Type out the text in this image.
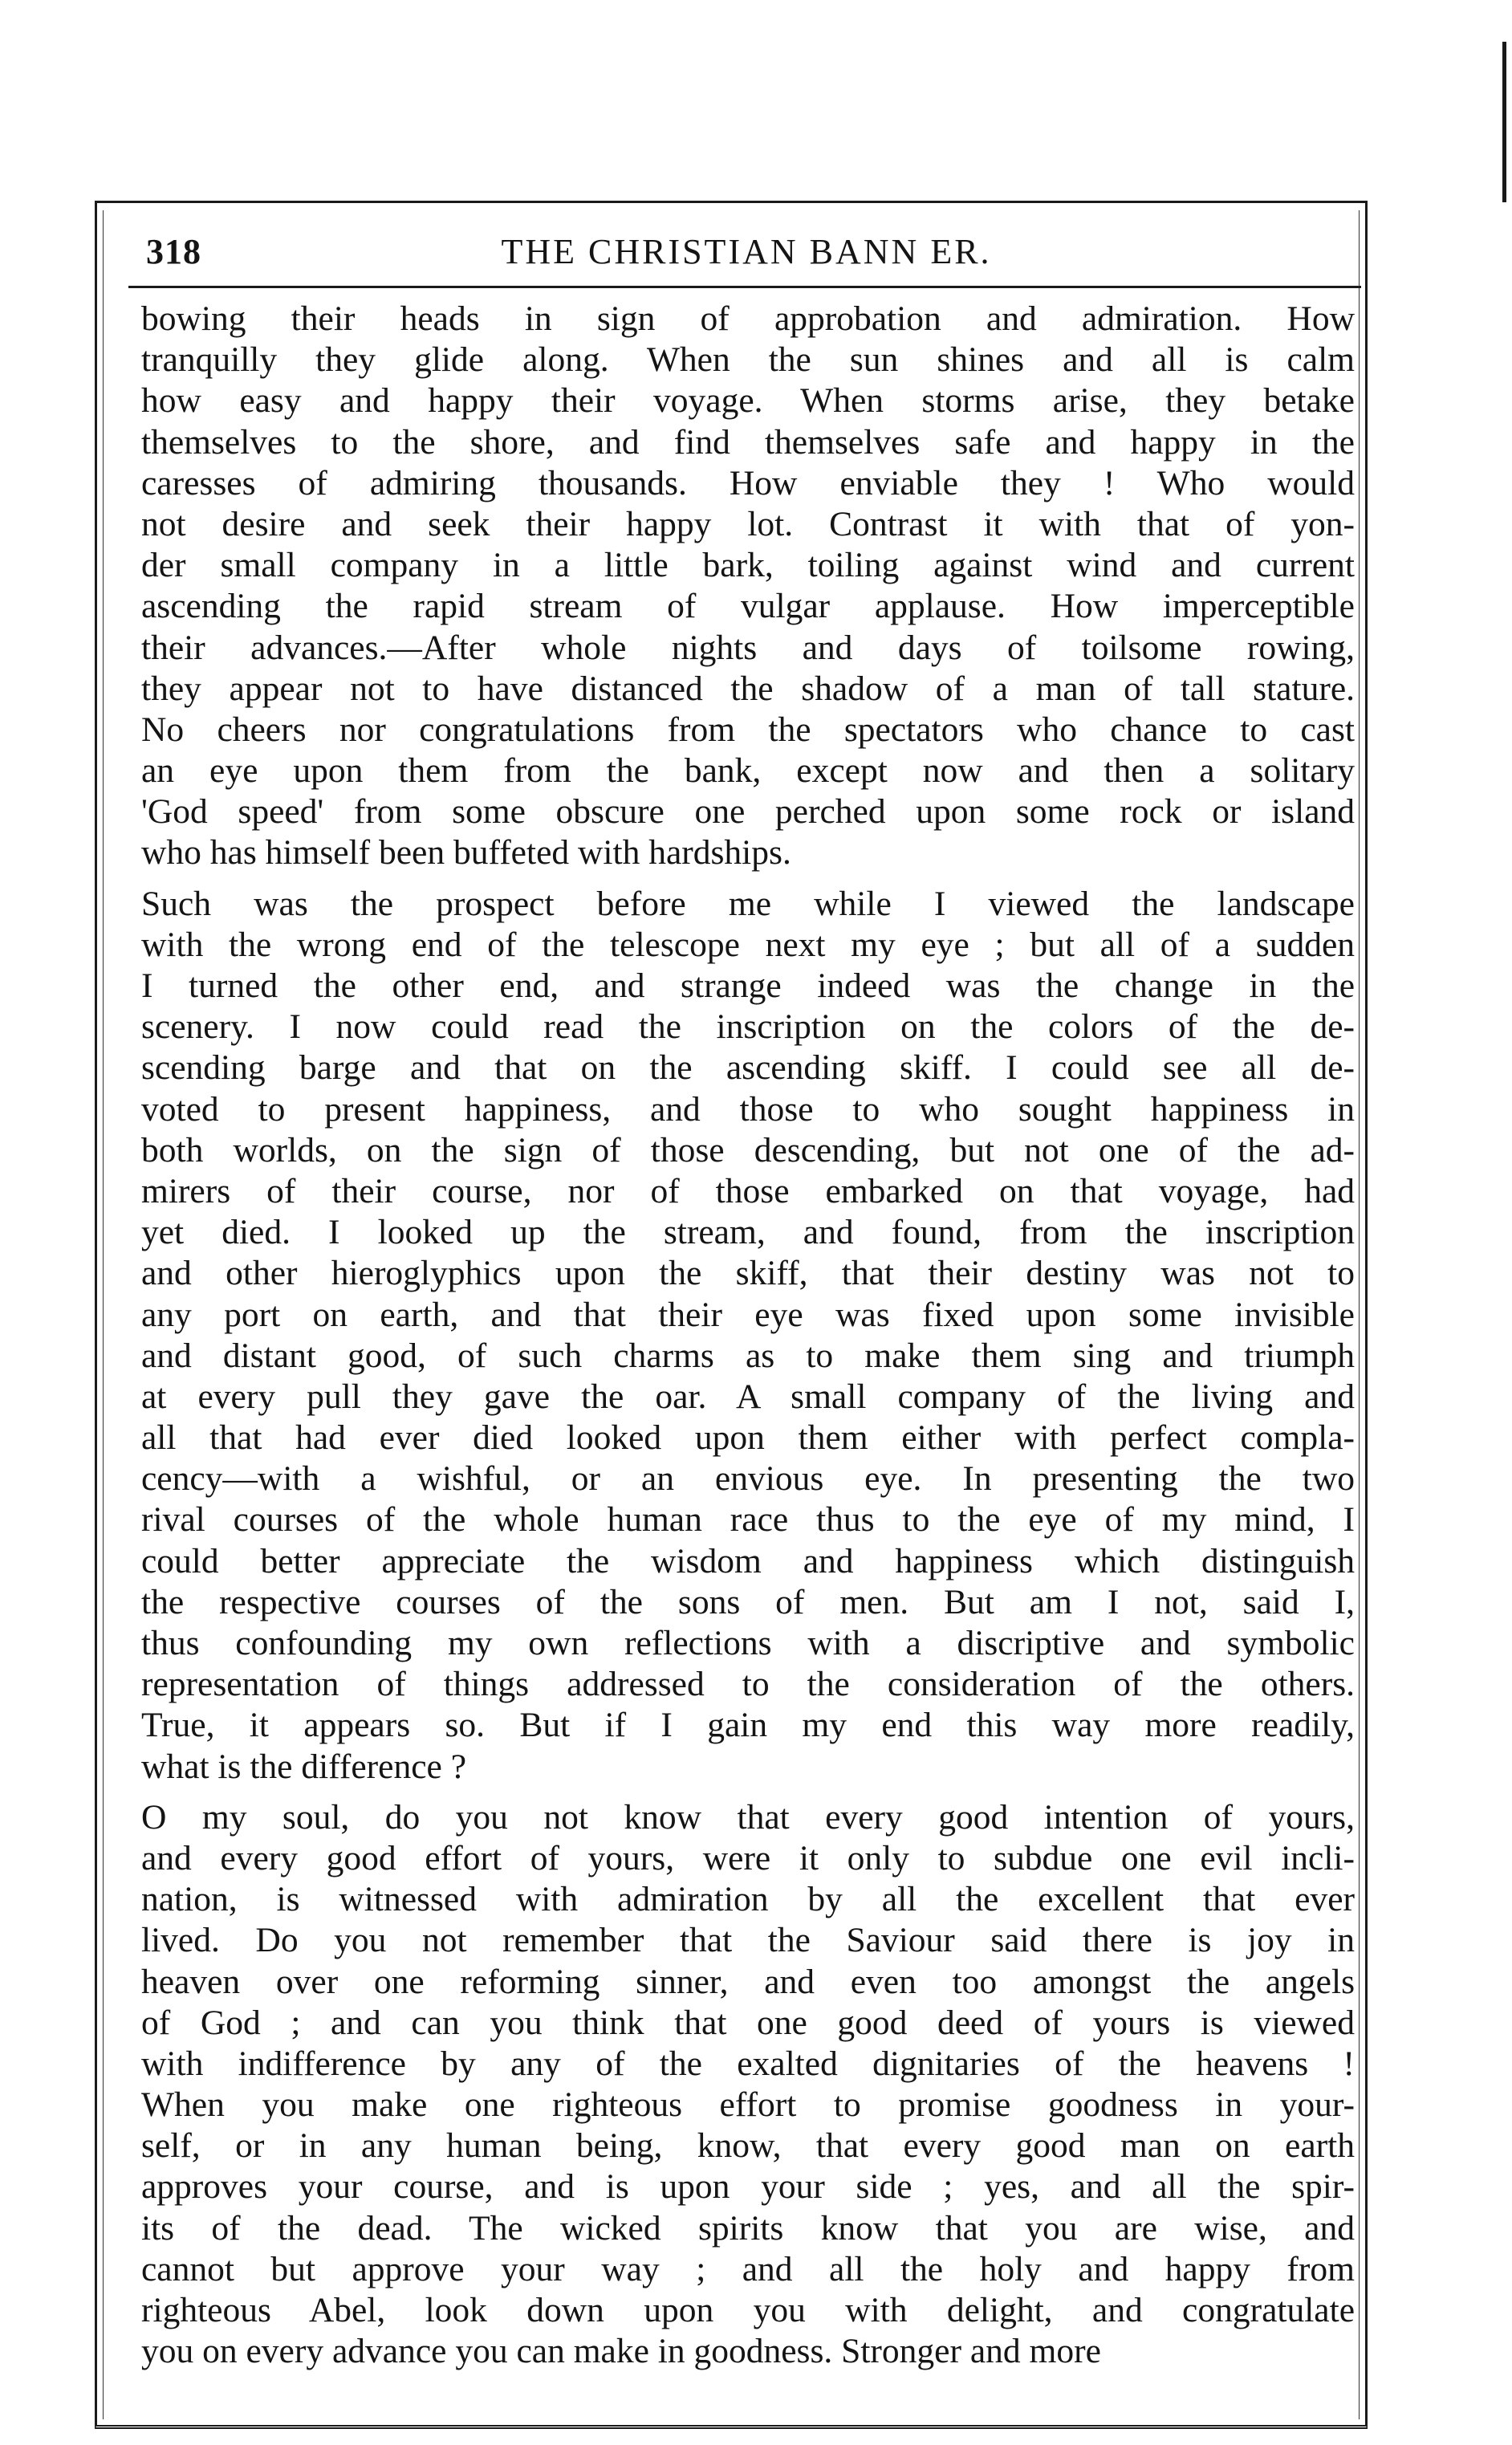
318	THE CHRISTIAN BANN ER.
bowing their heads in sign of approbation and admiration. How
tranquilly they glide along. When the sun shines and all is calm
how easy and happy their voyage. When storms arise, they betake
themselves to the shore, and find themselves safe and happy in the
caresses of admiring thousands. How enviable they ! Who would
not desire and seek their happy lot. Contrast it with that of yon-
der small company in a little bark, toiling against wind and current
ascending the rapid stream of vulgar applause. How imperceptible
their advances.—After whole nights and days of toilsome rowing,
they appear not to have distanced the shadow of a man of tall stature.
No cheers nor congratulations from the spectators who chance to cast
an eye upon them from the bank, except now and then a solitary
'God speed' from some obscure one perched upon some rock or island
who has himself been buffeted with hardships.
Such was the prospect before me while I viewed the landscape
with the wrong end of the telescope next my eye ; but all of a sudden
I turned the other end, and strange indeed was the change in the
scenery. I now could read the inscription on the colors of the de-
scending barge and that on the ascending skiff. I could see all de-
voted to present happiness, and those to who sought happiness in
both worlds, on the sign of those descending, but not one of the ad-
mirers of their course, nor of those embarked on that voyage, had
yet died. I looked up the stream, and found, from the inscription
and other hieroglyphics upon the skiff, that their destiny was not to
any port on earth, and that their eye was fixed upon some invisible
and distant good, of such charms as to make them sing and triumph
at every pull they gave the oar. A small company of the living and
all that had ever died looked upon them either with perfect compla-
cency—with a wishful, or an envious eye. In presenting the two
rival courses of the whole human race thus to the eye of my mind, I
could better appreciate the wisdom and happiness which distinguish
the respective courses of the sons of men. But am I not, said I,
thus confounding my own reflections with a discriptive and symbolic
representation of things addressed to the consideration of the others.
True, it appears so. But if I gain my end this way more readily,
what is the difference ?
O my soul, do you not know that every good intention of yours,
and every good effort of yours, were it only to subdue one evil incli-
nation, is witnessed with admiration by all the excellent that ever
lived. Do you not remember that the Saviour said there is joy in
heaven over one reforming sinner, and even too amongst the angels
of God ; and can you think that one good deed of yours is viewed
with indifference by any of the exalted dignitaries of the heavens !
When you make one righteous effort to promise goodness in your-
self, or in any human being, know, that every good man on earth
approves your course, and is upon your side ; yes, and all the spir-
its of the dead. The wicked spirits know that you are wise, and
cannot but approve your way ; and all the holy and happy from
righteous Abel, look down upon you with delight, and congratulate
you on every advance you can make in goodness. Stronger and more
